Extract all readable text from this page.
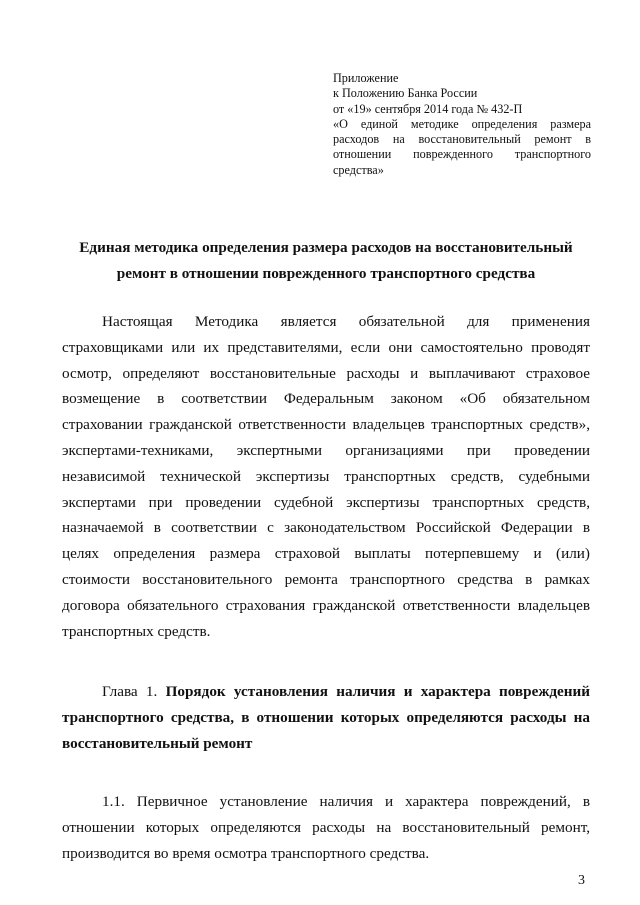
Приложение
к Положению Банка России
от «19» сентября 2014 года № 432-П
«О единой методике определения размера
расходов на восстановительный ремонт в
отношении поврежденного транспортного
средства»
Единая методика определения размера расходов на восстановительный
ремонт в отношении поврежденного транспортного средства
Настоящая Методика является обязательной для применения
страховщиками или их представителями, если они самостоятельно проводят
осмотр, определяют восстановительные расходы и выплачивают страховое
возмещение в соответствии Федеральным законом «Об обязательном
страховании гражданской ответственности владельцев транспортных средств»,
экспертами-техниками, экспертными организациями при проведении
независимой технической экспертизы транспортных средств, судебными
экспертами при проведении судебной экспертизы транспортных средств,
назначаемой в соответствии с законодательством Российской Федерации в
целях определения размера страховой выплаты потерпевшему и (или)
стоимости восстановительного ремонта транспортного средства в рамках
договора обязательного страхования гражданской ответственности владельцев
транспортных средств.
Глава 1. Порядок установления наличия и характера повреждений
транспортного средства, в отношении которых определяются расходы на
восстановительный ремонт
1.1. Первичное установление наличия и характера повреждений, в
отношении которых определяются расходы на восстановительный ремонт,
производится во время осмотра транспортного средства.
3
